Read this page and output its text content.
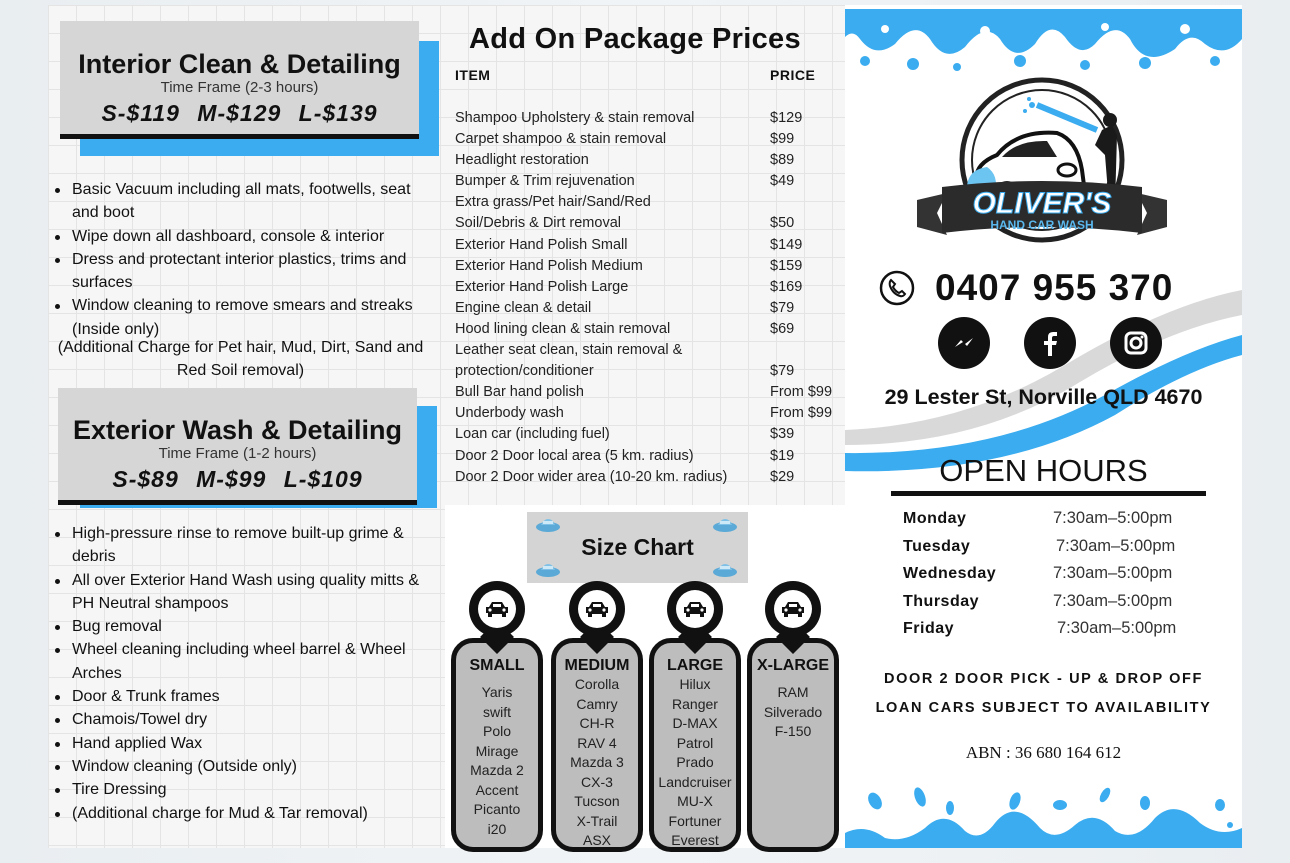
Interior Clean & Detailing
Time Frame (2-3 hours)
S-$119 M-$129 L-$139
Basic Vacuum including all mats, footwells, seat and boot
Wipe down all dashboard, console & interior
Dress and protectant interior plastics, trims and surfaces
Window cleaning to remove smears and streaks (Inside only)
(Additional Charge for Pet hair, Mud, Dirt, Sand and Red Soil removal)
Exterior Wash & Detailing
Time Frame (1-2 hours)
S-$89 M-$99 L-$109
High-pressure rinse to remove built-up grime & debris
All over Exterior Hand Wash using quality mitts & PH Neutral shampoos
Bug removal
Wheel cleaning including wheel barrel & Wheel Arches
Door & Trunk frames
Chamois/Towel dry
Hand applied Wax
Window cleaning (Outside only)
Tire Dressing
(Additional charge for Mud & Tar removal)
Add On Package Prices
ITEM	PRICE
Shampoo Upholstery & stain removal	$129
Carpet shampoo & stain removal	$99
Headlight restoration	$89
Bumper & Trim rejuvenation	$49
Extra grass/Pet hair/Sand/Red
Soil/Debris & Dirt removal	$50
Exterior Hand Polish Small	$149
Exterior Hand Polish Medium	$159
Exterior Hand Polish Large	$169
Engine clean & detail	$79
Hood lining clean & stain removal	$69
Leather seat clean, stain removal &
protection/conditioner	$79
Bull Bar hand polish	From $99
Underbody wash	From $99
Loan car (including fuel)	$39
Door 2 Door local area (5 km. radius)	$19
Door 2 Door wider area (10-20 km. radius)	$29
Size Chart
SMALL
Yaris
swift
Polo
Mirage
Mazda 2
Accent
Picanto
i20
MEDIUM
Corolla
Camry
CH-R
RAV 4
Mazda 3
CX-3
Tucson
X-Trail
ASX
LARGE
Hilux
Ranger
D-MAX
Patrol
Prado
Landcruiser
MU-X
Fortuner
Everest
X-LARGE
RAM
Silverado
F-150
OLIVER'S
HAND CAR WASH
0407 955 370
29 Lester St, Norville QLD 4670
OPEN HOURS
Monday	7:30am–5:00pm
Tuesday	7:30am–5:00pm
Wednesday	7:30am–5:00pm
Thursday	7:30am–5:00pm
Friday	7:30am–5:00pm
DOOR 2 DOOR PICK - UP & DROP OFF
LOAN CARS SUBJECT TO AVAILABILITY
ABN : 36 680 164 612
